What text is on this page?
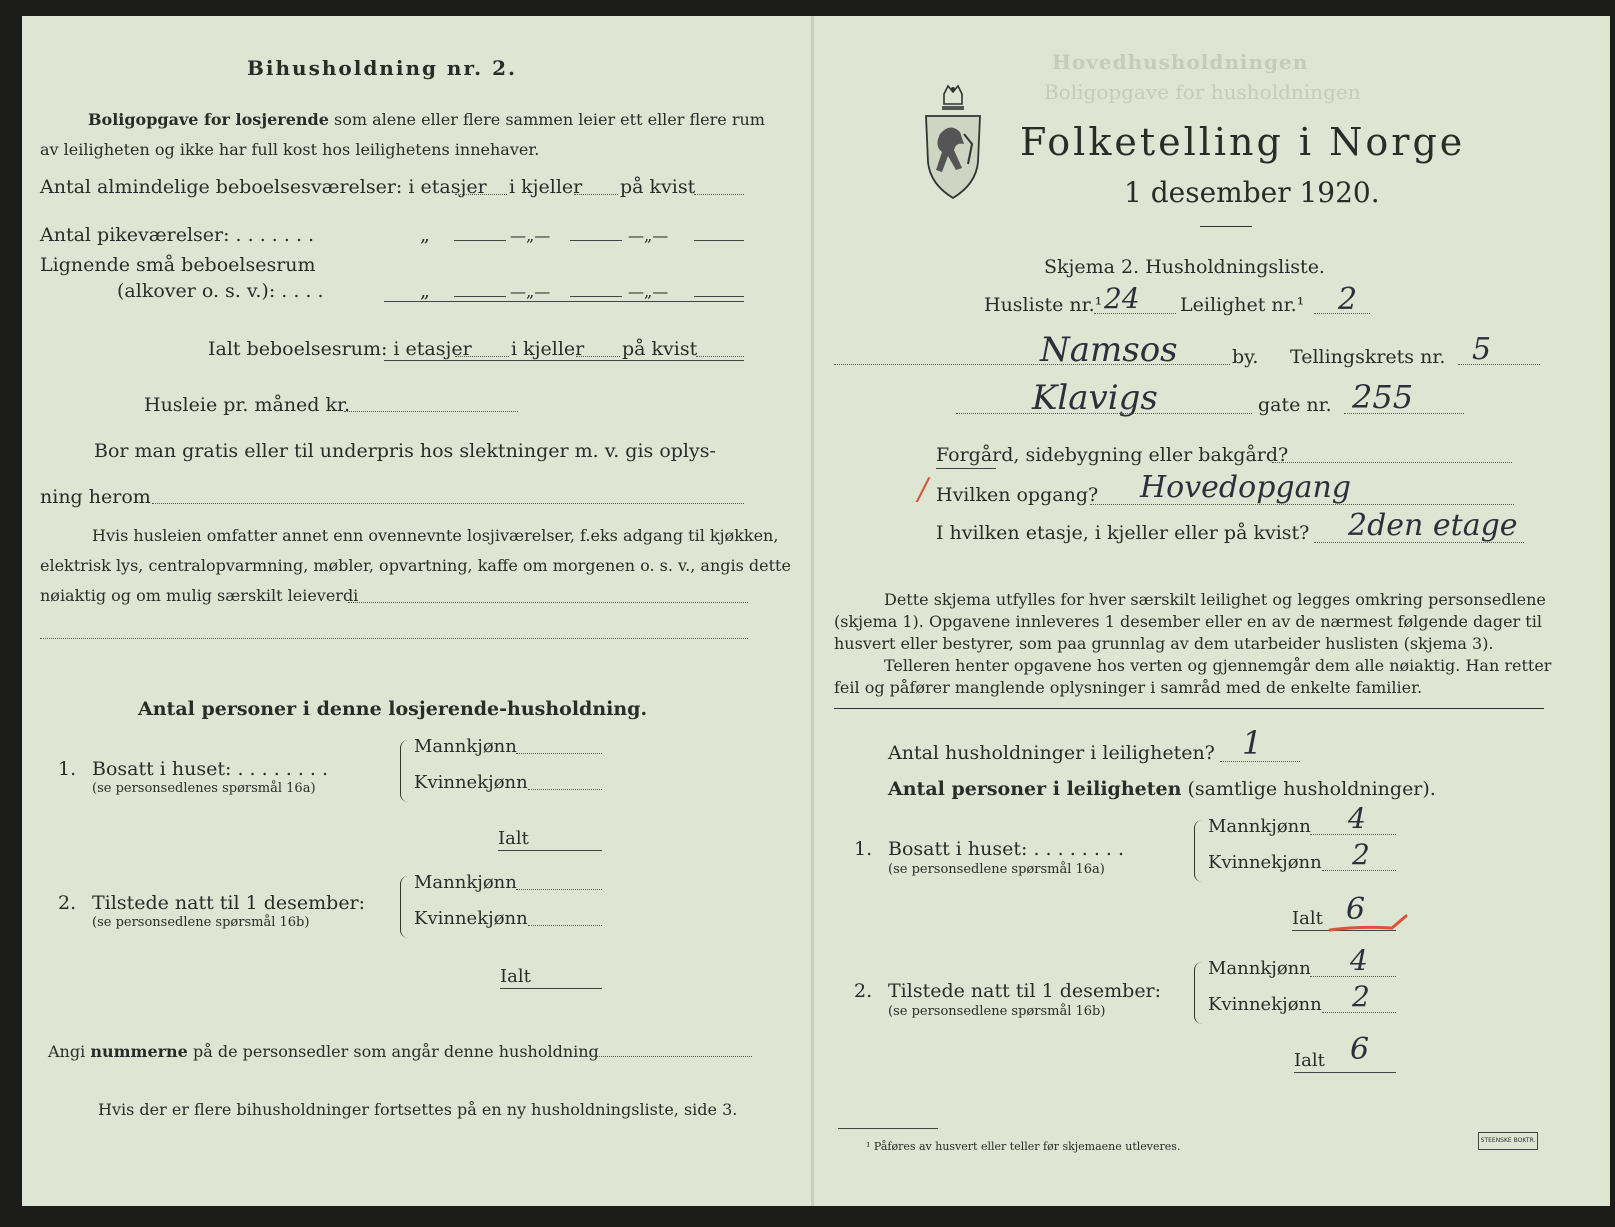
Bihusholdning nr. 2.
Boligopgave for losjerende som alene eller flere sammen leier ett eller flere rum
av leiligheten og ikke har full kost hos leilighetens innehaver.
Antal almindelige beboelsesværelser: i etasjer i kjeller på kvist
Antal pikeværelser: . . . . . . .	„	—„—	—„—
Lignende små beboelsesrum
(alkover o. s. v.): . . . .	„	—„—	—„—
Ialt beboelsesrum: i etasjer i kjeller på kvist
Husleie pr. måned kr.
Bor man gratis eller til underpris hos slektninger m. v. gis oplys-
ning herom
Hvis husleien omfatter annet enn ovennevnte losjiværelser, f.eks adgang til kjøkken,
elektrisk lys, centralopvarmning, møbler, opvartning, kaffe om morgenen o. s. v., angis dette
nøiaktig og om mulig særskilt leieverdi
Antal personer i denne losjerende-husholdning.
1. Bosatt i huset: . . . . . . . .
(se personsedlenes spørsmål 16a)
Mannkjønn
Kvinnekjønn
Ialt
2. Tilstede natt til 1 desember:
(se personsedlene spørsmål 16b)
Mannkjønn
Kvinnekjønn
Ialt
Angi nummerne på de personsedler som angår denne husholdning
Hvis der er flere bihusholdninger fortsettes på en ny husholdningsliste, side 3.
Hovedhusholdningen
Boligopgave for husholdningen
Folketelling i Norge
1 desember 1920.
Skjema 2. Husholdningsliste.
Husliste nr.¹ 24 Leilighet nr.¹ 2
Namsos	by. Tellingskrets nr. 5
Klavigs	gate nr. 255
Forgård, sidebygning eller bakgård?
/ Hvilken opgang? Hovedopgang
I hvilken etasje, i kjeller eller på kvist? 2den etage
Dette skjema utfylles for hver særskilt leilighet og legges omkring personsedlene
(skjema 1). Opgavene innleveres 1 desember eller en av de nærmest følgende dager til
husvert eller bestyrer, som paa grunnlag av dem utarbeider huslisten (skjema 3).
Telleren henter opgavene hos verten og gjennemgår dem alle nøiaktig. Han retter
feil og påfører manglende oplysninger i samråd med de enkelte familier.
Antal husholdninger i leiligheten? 1
Antal personer i leiligheten (samtlige husholdninger).
1. Bosatt i huset: . . . . . . . .
(se personsedlene spørsmål 16a)
Mannkjønn 4
Kvinnekjønn 2
Ialt 6
2. Tilstede natt til 1 desember:
(se personsedlene spørsmål 16b)
Mannkjønn 4
Kvinnekjønn 2
Ialt 6
¹ Påføres av husvert eller teller før skjemaene utleveres.	STEENSKE BOKTR.
